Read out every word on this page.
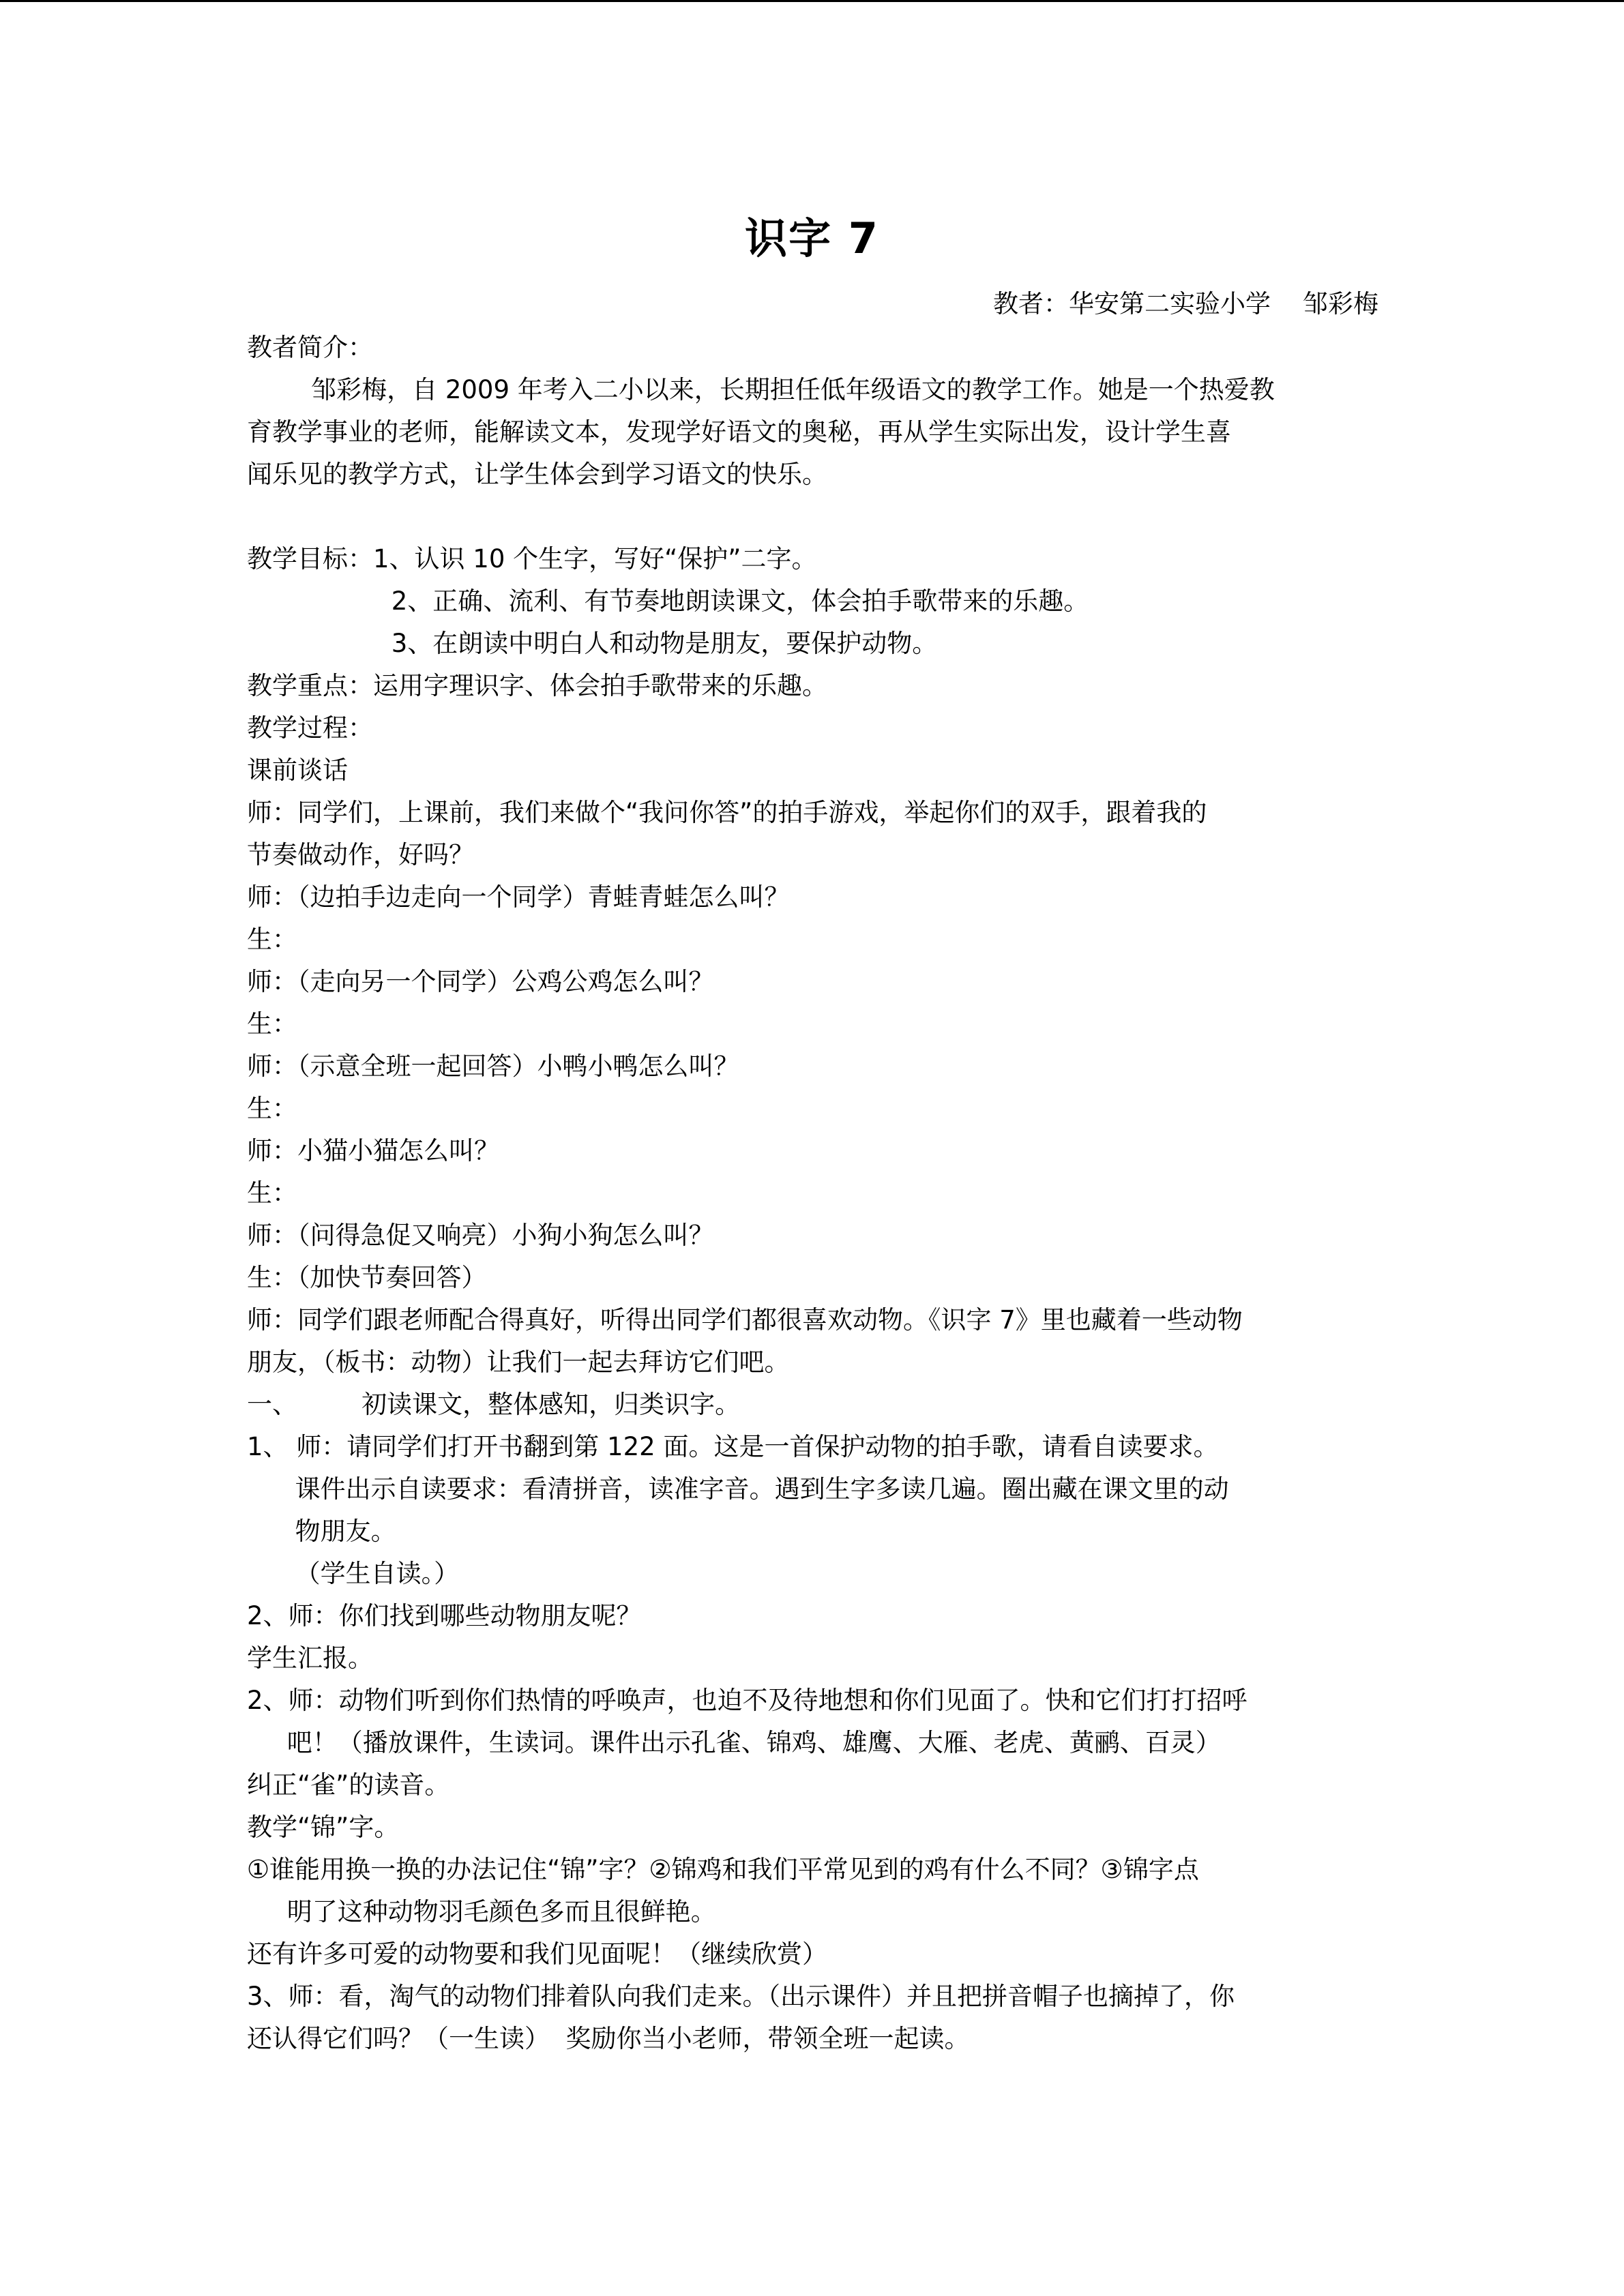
识字 7
教者：华安第二实验小学    邹彩梅
教者简介：
邹彩梅，自 2009 年考入二小以来，长期担任低年级语文的教学工作。她是一个热爱教
育教学事业的老师，能解读文本，发现学好语文的奥秘，再从学生实际出发，设计学生喜
闻乐见的教学方式，让学生体会到学习语文的快乐。
教学目标：1、认识 10 个生字，写好“保护”二字。
2、正确、流利、有节奏地朗读课文，体会拍手歌带来的乐趣。
3、在朗读中明白人和动物是朋友，要保护动物。
教学重点：运用字理识字、体会拍手歌带来的乐趣。
教学过程：
课前谈话
师：同学们，上课前，我们来做个“我问你答”的拍手游戏，举起你们的双手，跟着我的
节奏做动作，好吗？
师：（边拍手边走向一个同学）青蛙青蛙怎么叫？
生：
师：（走向另一个同学）公鸡公鸡怎么叫？
生：
师：（示意全班一起回答）小鸭小鸭怎么叫？
生：
师：小猫小猫怎么叫？
生：
师：（问得急促又响亮）小狗小狗怎么叫？
生：（加快节奏回答）
师：同学们跟老师配合得真好，听得出同学们都很喜欢动物。《识字 7》里也藏着一些动物
朋友，（板书：动物）让我们一起去拜访它们吧。
一、        初读课文，整体感知，归类识字。
1、 师：请同学们打开书翻到第 122 面。这是一首保护动物的拍手歌，请看自读要求。
课件出示自读要求：看清拼音，读准字音。遇到生字多读几遍。圈出藏在课文里的动
物朋友。
（学生自读。）
2、师：你们找到哪些动物朋友呢？
学生汇报。
2、师：动物们听到你们热情的呼唤声，也迫不及待地想和你们见面了。快和它们打打招呼
吧！（播放课件，生读词。课件出示孔雀、锦鸡、雄鹰、大雁、老虎、黄鹂、百灵）
纠正“雀”的读音。
教学“锦”字。
①谁能用换一换的办法记住“锦”字？②锦鸡和我们平常见到的鸡有什么不同？③锦字点
明了这种动物羽毛颜色多而且很鲜艳。
还有许多可爱的动物要和我们见面呢！（继续欣赏）
3、师：看，淘气的动物们排着队向我们走来。（出示课件）并且把拼音帽子也摘掉了，你
还认得它们吗？（一生读）  奖励你当小老师，带领全班一起读。
